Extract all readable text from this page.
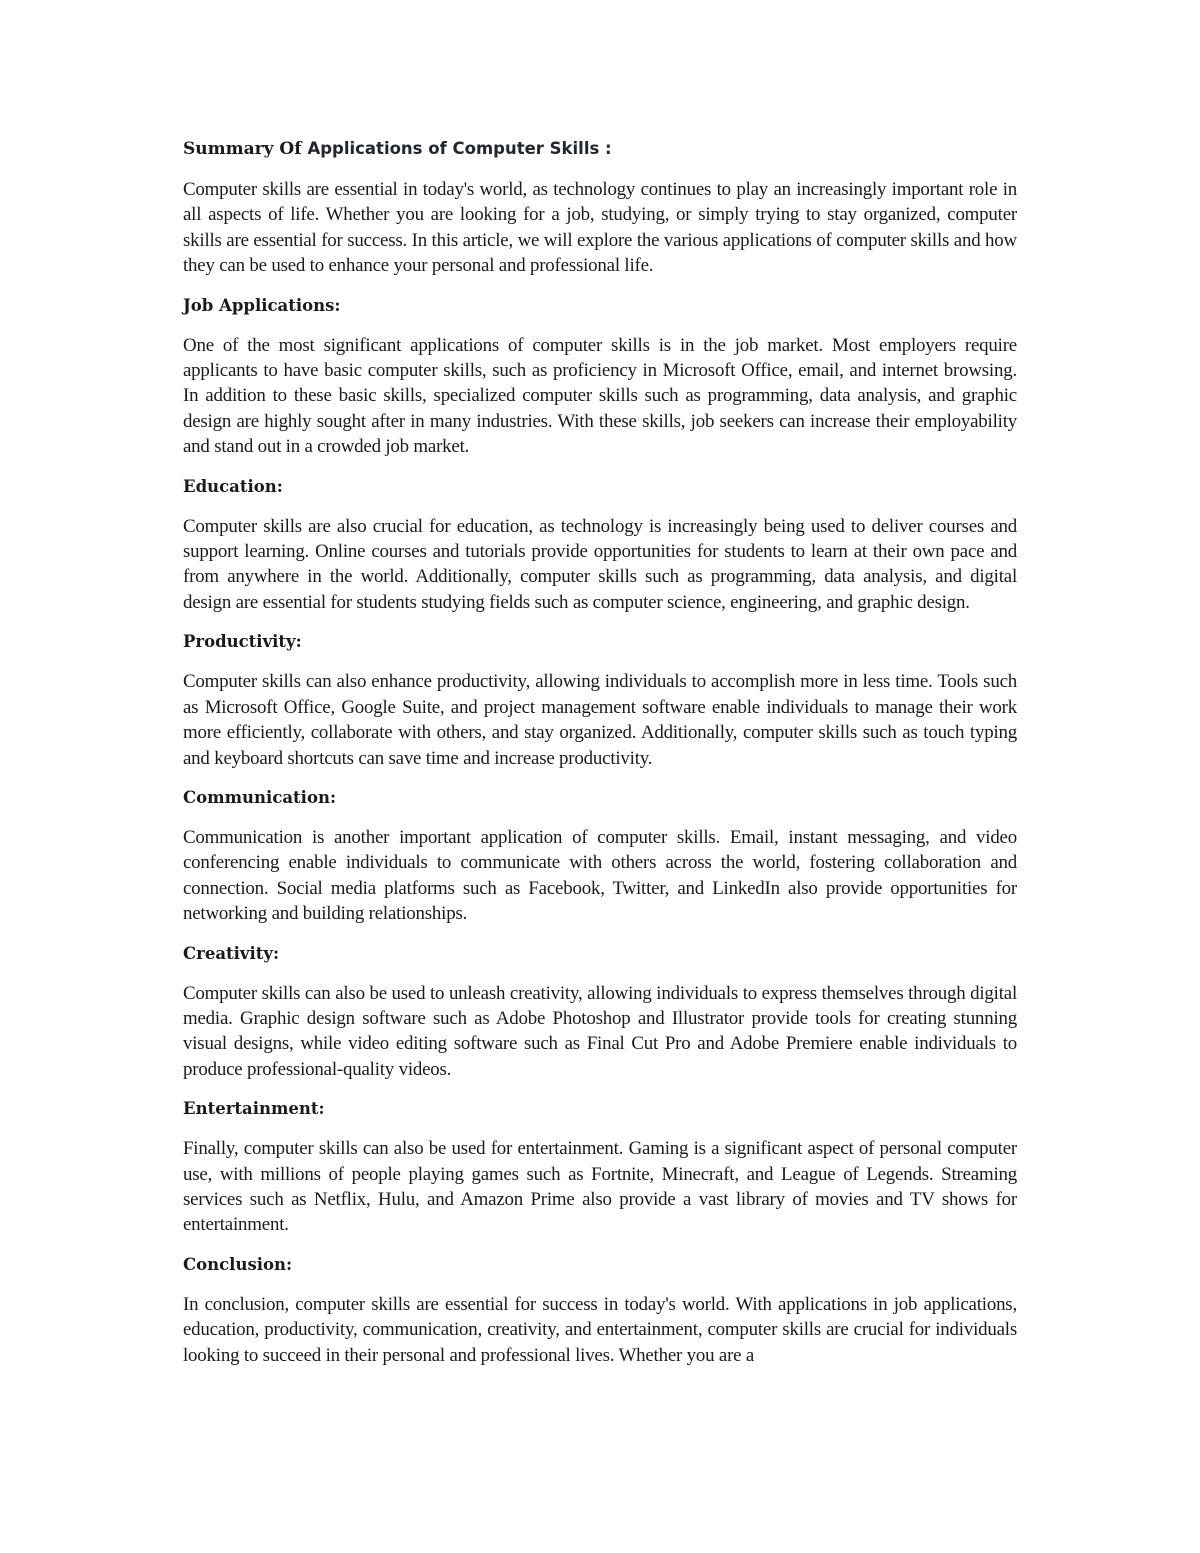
Summary Of Applications of Computer Skills :

Computer skills are essential in today's world, as technology continues to play an increasingly important role in all aspects of life. Whether you are looking for a job, studying, or simply trying to stay organized, computer skills are essential for success. In this article, we will explore the various applications of computer skills and how they can be used to enhance your personal and professional life.

Job Applications:

One of the most significant applications of computer skills is in the job market. Most employers require applicants to have basic computer skills, such as proficiency in Microsoft Office, email, and internet browsing. In addition to these basic skills, specialized computer skills such as programming, data analysis, and graphic design are highly sought after in many industries. With these skills, job seekers can increase their employability and stand out in a crowded job market.

Education:

Computer skills are also crucial for education, as technology is increasingly being used to deliver courses and support learning. Online courses and tutorials provide opportunities for students to learn at their own pace and from anywhere in the world. Additionally, computer skills such as programming, data analysis, and digital design are essential for students studying fields such as computer science, engineering, and graphic design.

Productivity:

Computer skills can also enhance productivity, allowing individuals to accomplish more in less time. Tools such as Microsoft Office, Google Suite, and project management software enable individuals to manage their work more efficiently, collaborate with others, and stay organized. Additionally, computer skills such as touch typing and keyboard shortcuts can save time and increase productivity.

Communication:

Communication is another important application of computer skills. Email, instant messaging, and video conferencing enable individuals to communicate with others across the world, fostering collaboration and connection. Social media platforms such as Facebook, Twitter, and LinkedIn also provide opportunities for networking and building relationships.

Creativity:

Computer skills can also be used to unleash creativity, allowing individuals to express themselves through digital media. Graphic design software such as Adobe Photoshop and Illustrator provide tools for creating stunning visual designs, while video editing software such as Final Cut Pro and Adobe Premiere enable individuals to produce professional-quality videos.

Entertainment:

Finally, computer skills can also be used for entertainment. Gaming is a significant aspect of personal computer use, with millions of people playing games such as Fortnite, Minecraft, and League of Legends. Streaming services such as Netflix, Hulu, and Amazon Prime also provide a vast library of movies and TV shows for entertainment.

Conclusion:

In conclusion, computer skills are essential for success in today's world. With applications in job applications, education, productivity, communication, creativity, and entertainment, computer skills are crucial for individuals looking to succeed in their personal and professional lives. Whether you are a
